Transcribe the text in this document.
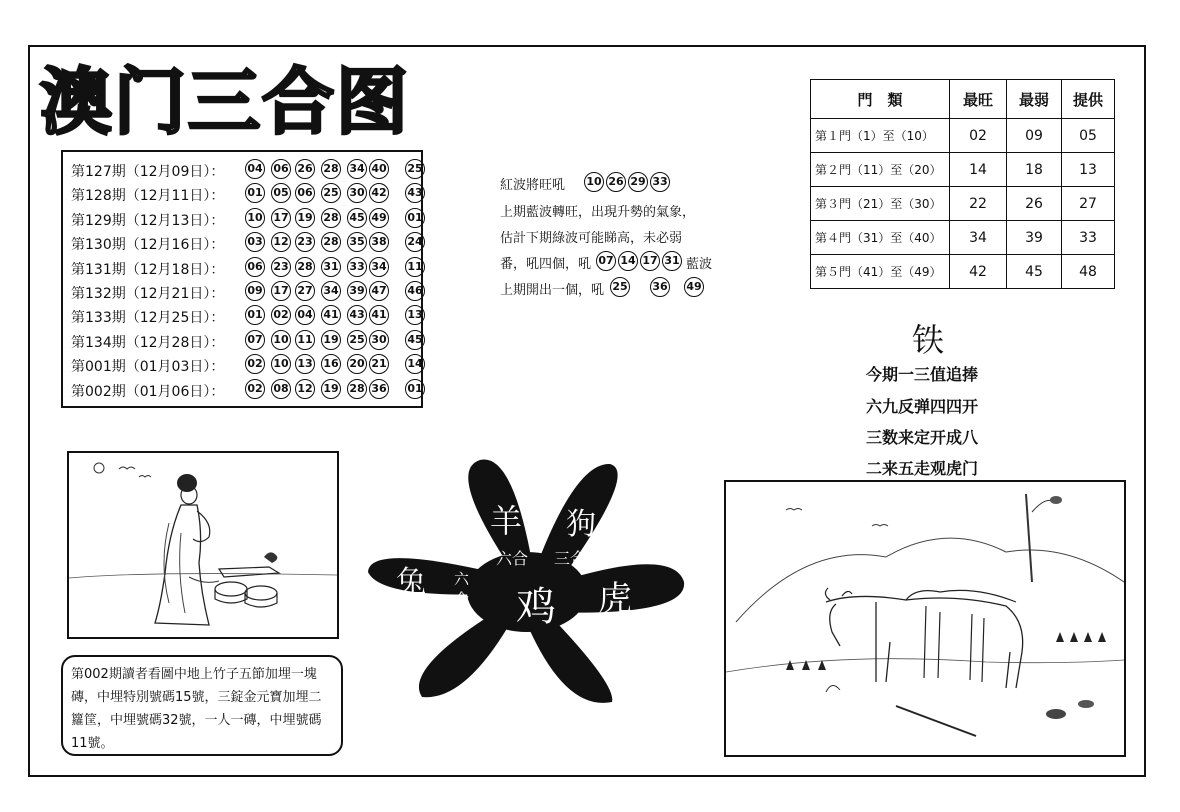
澳门三合图
第127期（12月09日）： 04 06 26 28 34 40 25
第128期（12月11日）： 01 05 06 25 30 42 43
第129期（12月13日）： 10 17 19 28 45 49 01
第130期（12月16日）： 03 12 23 28 35 38 24
第131期（12月18日）： 06 23 28 31 33 34 11
第132期（12月21日）： 09 17 27 34 39 47 46
第133期（12月25日）： 01 02 04 41 43 41 13
第134期（12月28日）： 07 10 11 19 25 30 45
第001期（01月03日）： 02 10 13 16 20 21 14
第002期（01月06日）： 02 08 12 19 28 36 01
紅波將旺吼 10 26 29 33
上期藍波轉旺，出現升勢的氣象，
估計下期綠波可能睇高，未必弱
番，吼四個，吼 07 14 17 31 藍波
上期開出一個，吼 25 36 49
門　類	最旺	最弱	提供
第１門（1）至（10）	02	09	05
第２門（11）至（20）	14	18	13
第３門（21）至（30）	22	26	27
第４門（31）至（40）	34	39	33
第５門（41）至（49）	42	45	48
铁
今期一三值追捧
六九反弹四四开
三数来定开成八
二来五走观虎门
羊 狗
六合 三合
兔 六
合 鸡 虎
第002期讀者看圖中地上竹子五節加埋一塊磚，中埋特別號碼15號，三錠金元寶加埋二籮筐，中埋號碼32號，一人一磚，中埋號碼11號。
